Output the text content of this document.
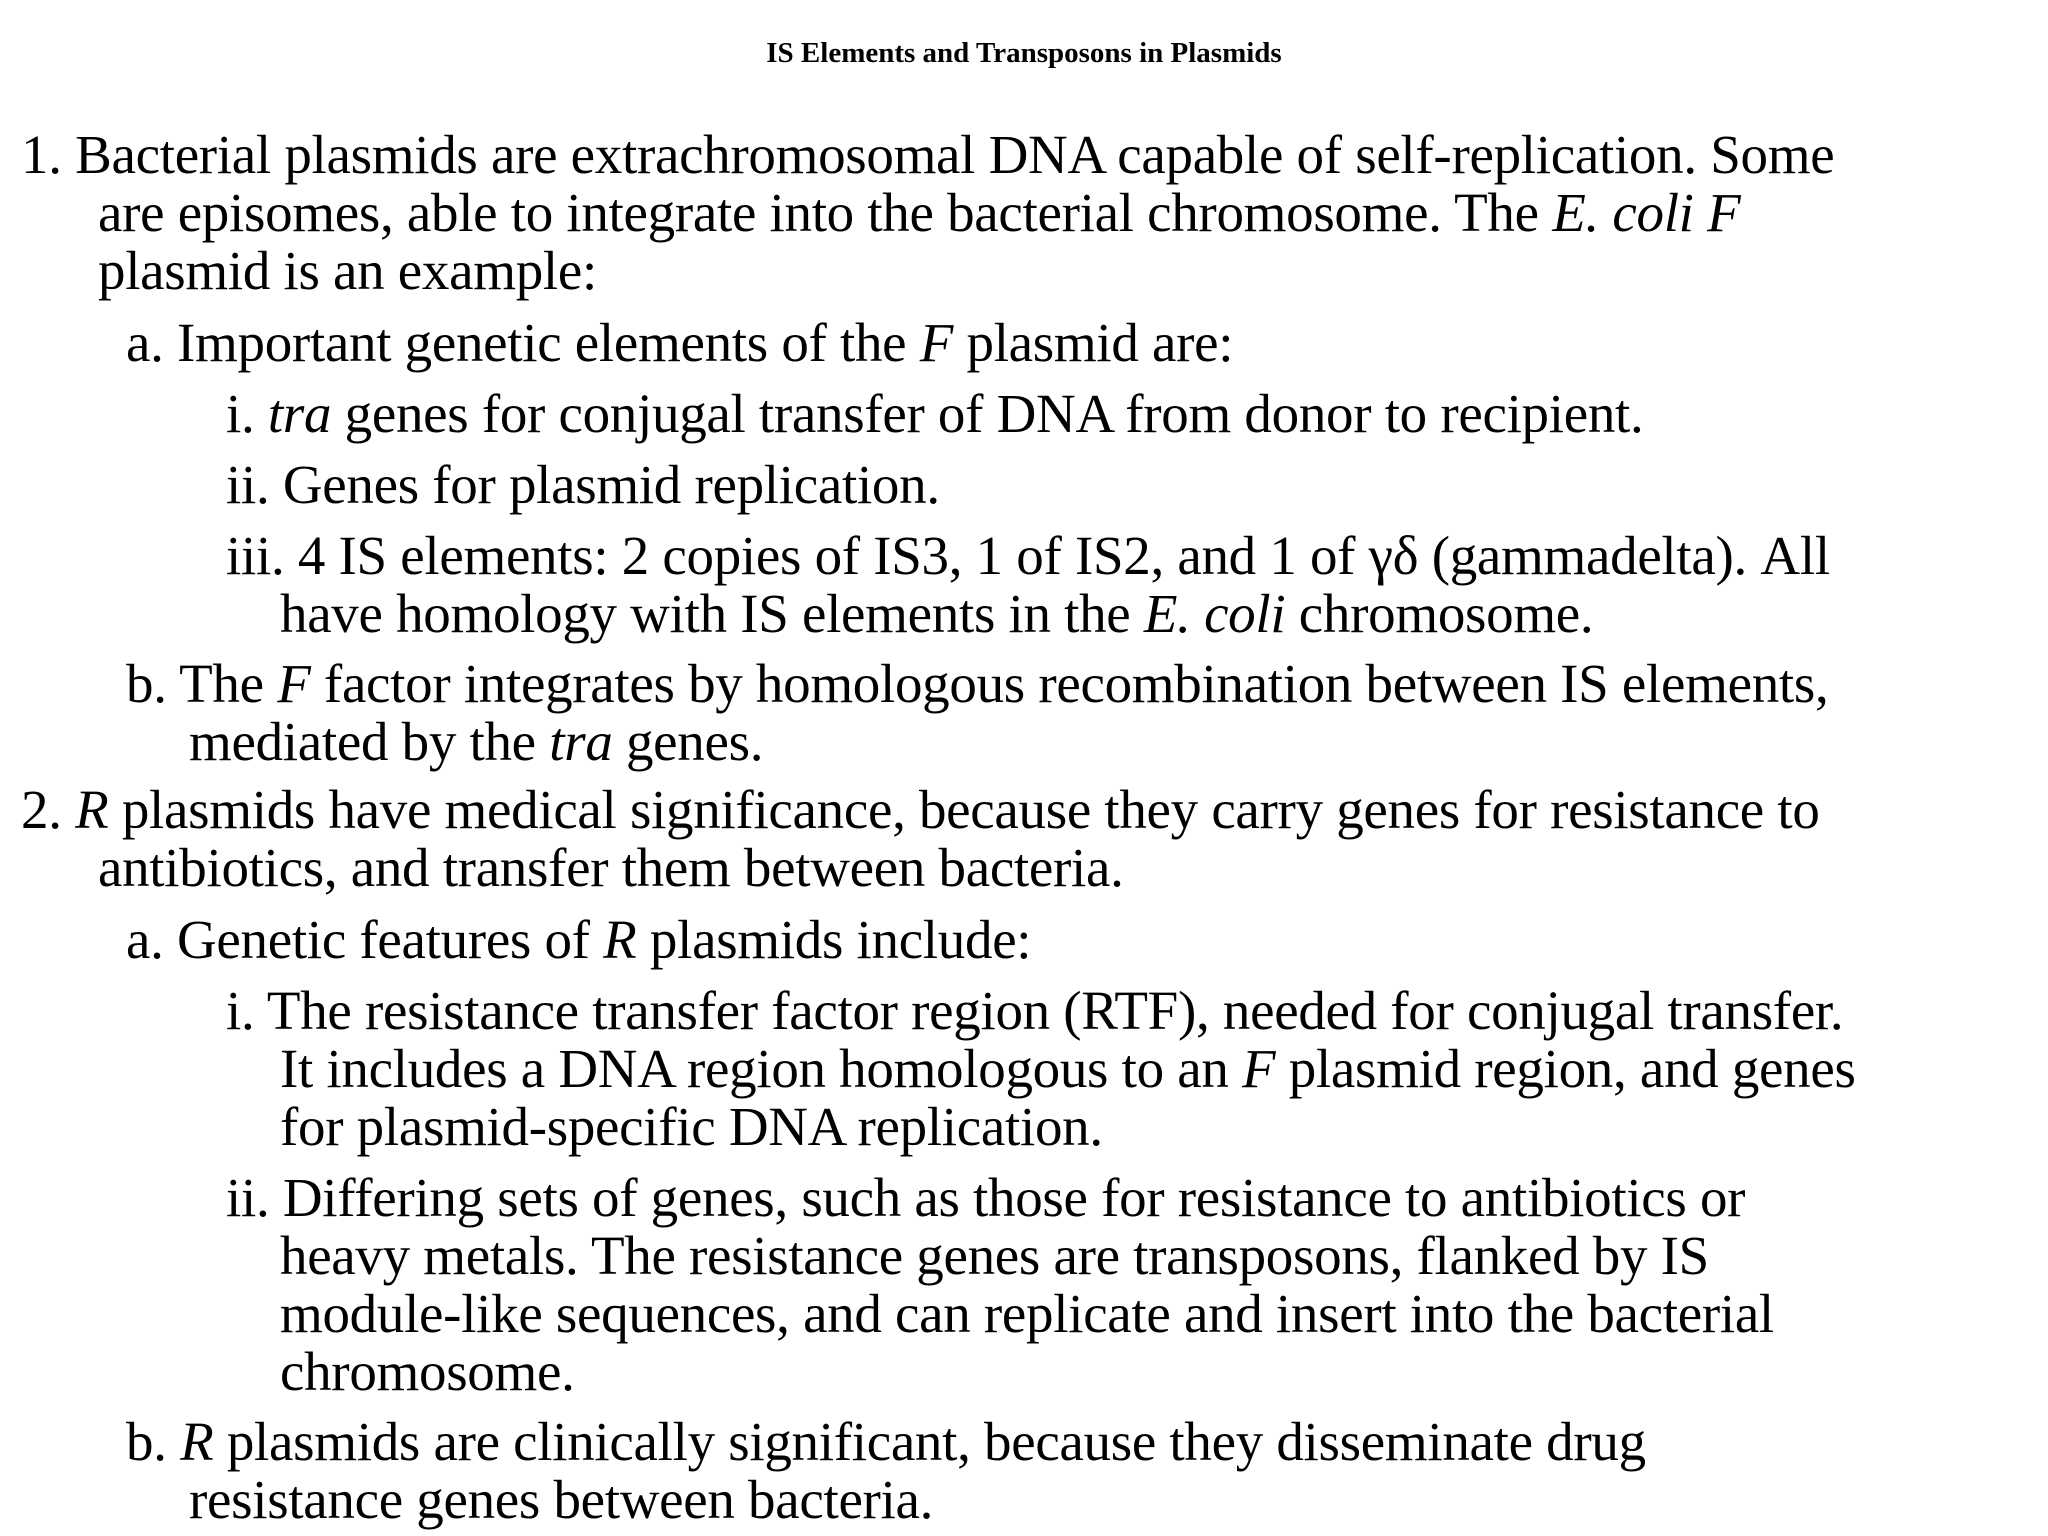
IS Elements and Transposons in Plasmids
1. Bacterial plasmids are extrachromosomal DNA capable of self-replication. Some
are episomes, able to integrate into the bacterial chromosome. The E. coli F
plasmid is an example:
a. Important genetic elements of the F plasmid are:
i. tra genes for conjugal transfer of DNA from donor to recipient.
ii. Genes for plasmid replication.
iii. 4 IS elements: 2 copies of IS3, 1 of IS2, and 1 of γδ (gammadelta). All
have homology with IS elements in the E. coli chromosome.
b. The F factor integrates by homologous recombination between IS elements,
mediated by the tra genes.
2. R plasmids have medical significance, because they carry genes for resistance to
antibiotics, and transfer them between bacteria.
a. Genetic features of R plasmids include:
i. The resistance transfer factor region (RTF), needed for conjugal transfer.
It includes a DNA region homologous to an F plasmid region, and genes
for plasmid-specific DNA replication.
ii. Differing sets of genes, such as those for resistance to antibiotics or
heavy metals. The resistance genes are transposons, flanked by IS
module-like sequences, and can replicate and insert into the bacterial
chromosome.
b. R plasmids are clinically significant, because they disseminate drug
resistance genes between bacteria.
